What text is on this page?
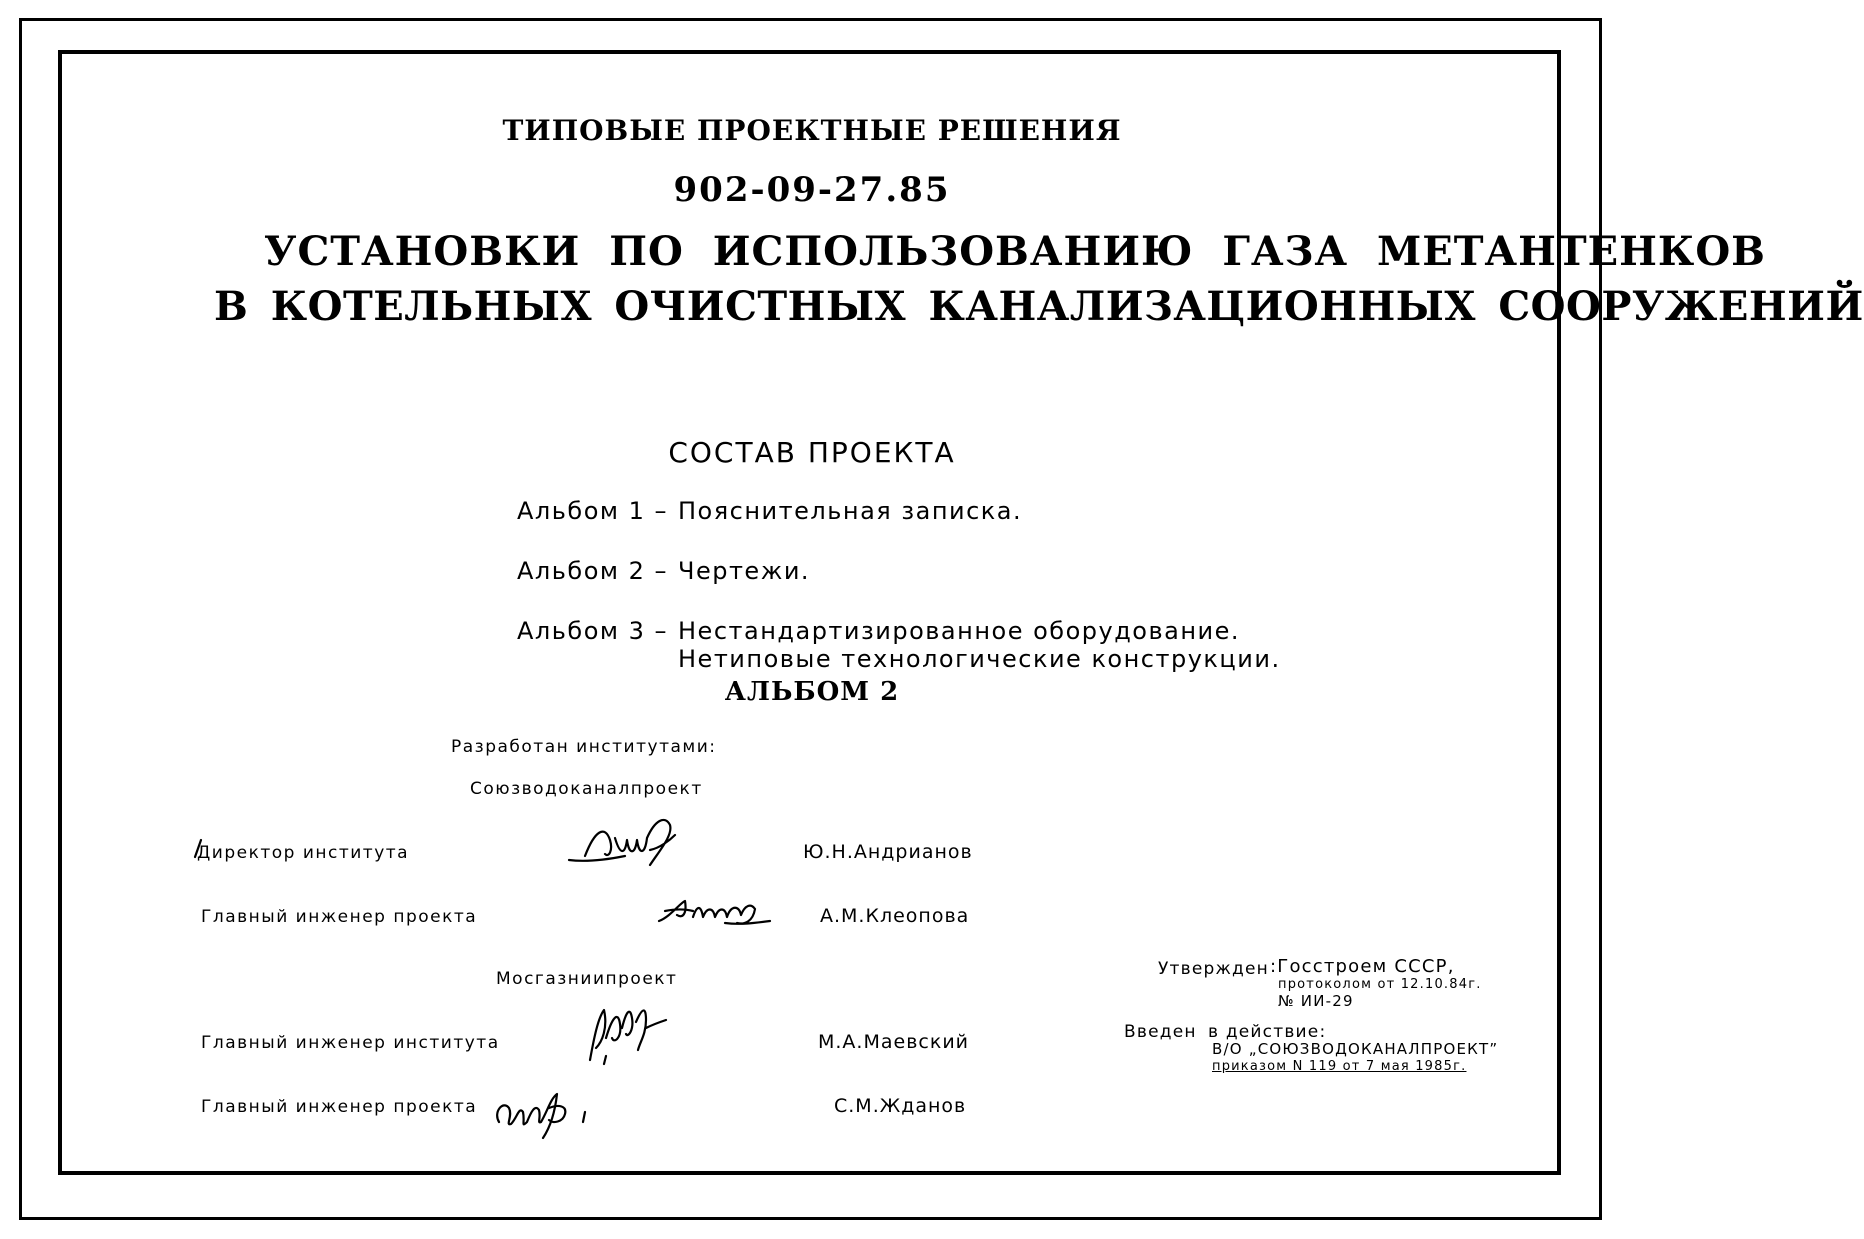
ТИПОВЫЕ ПРОЕКТНЫЕ РЕШЕНИЯ
902-09-27.85
УСТАНОВКИ ПО ИСПОЛЬЗОВАНИЮ ГАЗА МЕТАНТЕНКОВ
В КОТЕЛЬНЫХ ОЧИСТНЫХ КАНАЛИЗАЦИОННЫХ СООРУЖЕНИЙ
СОСТАВ ПРОЕКТА
Альбом 1 – Пояснительная записка.
Альбом 2 – Чертежи.
Альбом 3 – Нестандартизированное оборудование.
Нетиповые технологические конструкции.
АЛЬБОМ 2
Разработан институтами:
Союзводоканалпроект
Директор института	Ю.Н.Андрианов
Главный инженер проекта	А.М.Клеопова
Мосгазниипроект
Главный инженер института	М.А.Маевский
Главный инженер проекта	С.М.Жданов
Утвержден :Госстроем СССР,
протоколом от 12.10.84г.
№ ИИ-29
Введен в действие:
В/О „СОЮЗВОДОКАНАЛПРОЕКТ”
приказом N 119 от 7 мая 1985г.
